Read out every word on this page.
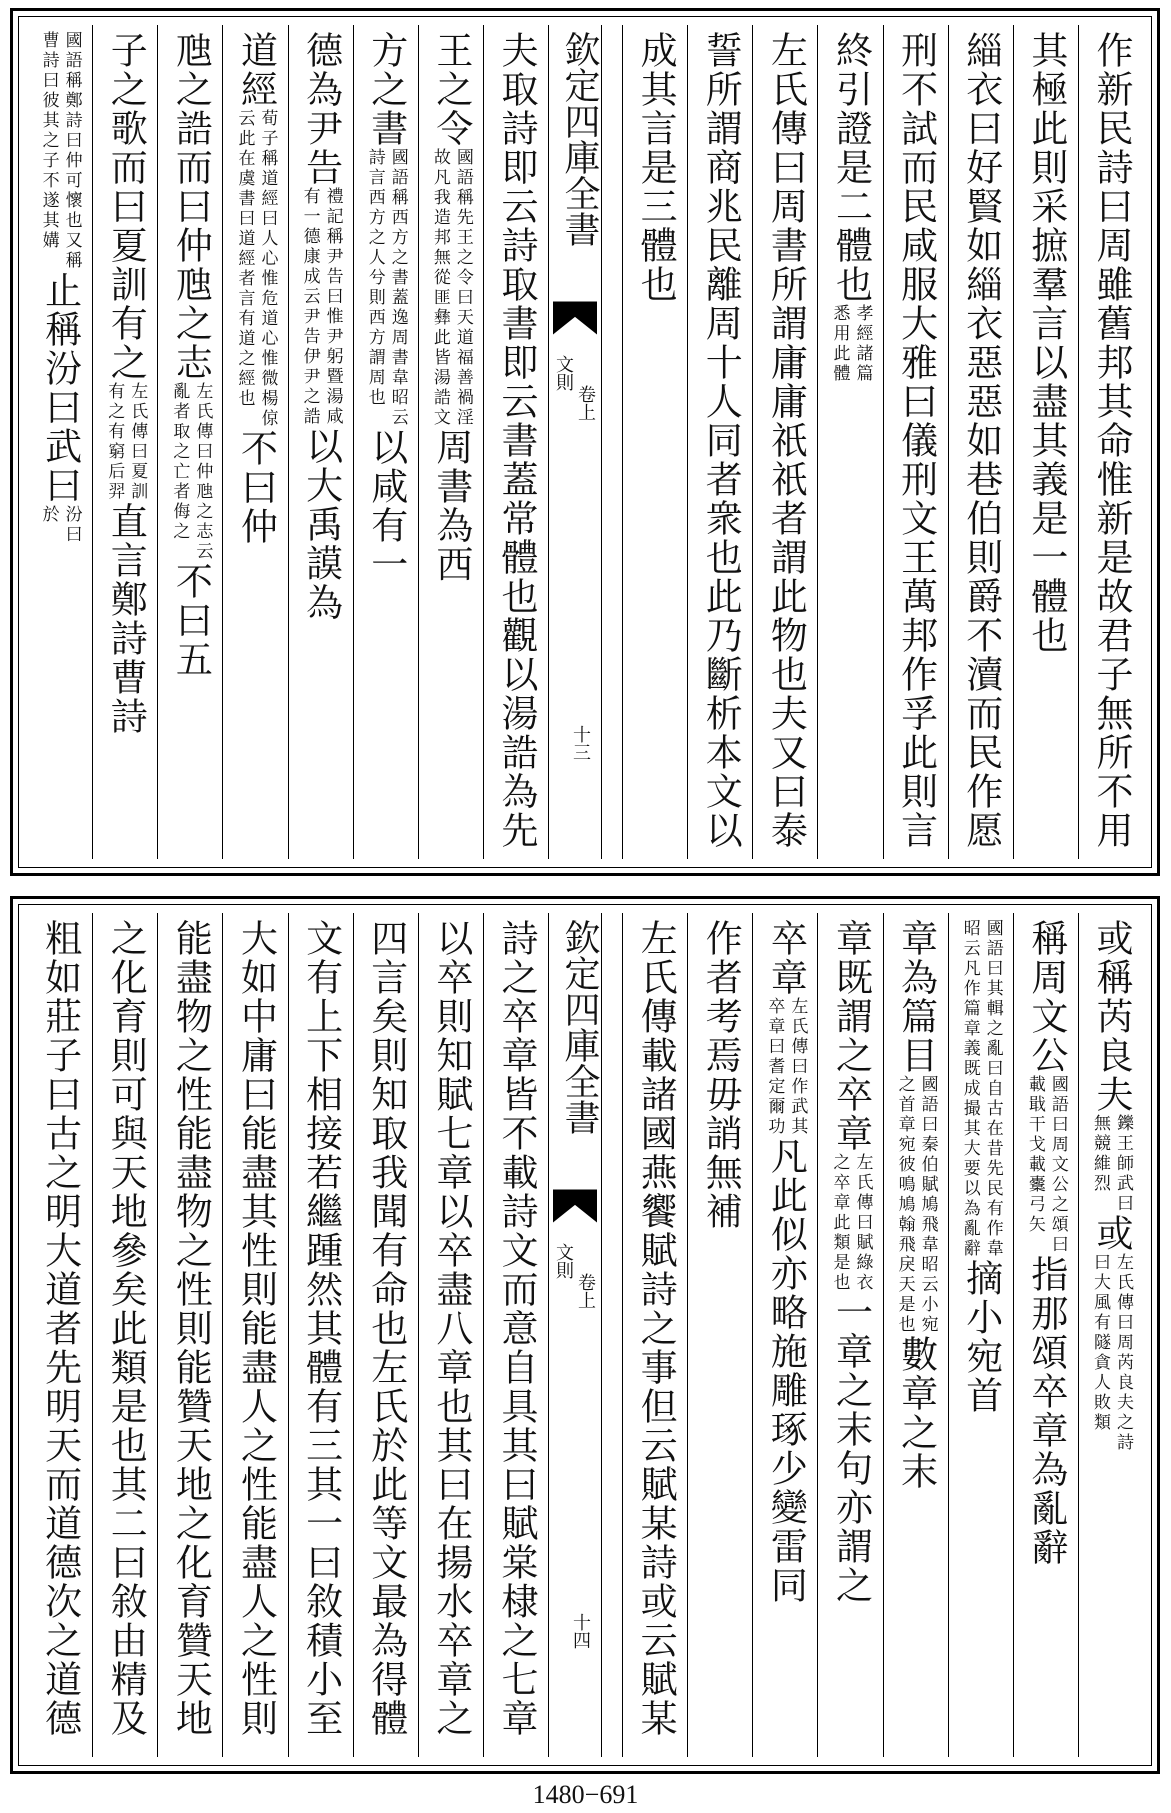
作新民詩曰周雖舊邦其命惟新是故君子無所不用
其極此則采摭羣言以盡其義是一體也
緇衣曰好賢如緇衣惡惡如巷伯則爵不瀆而民作愿
刑不試而民咸服大雅曰儀刑文王萬邦作孚此則言
終引證是二體也
孝經諸篇悉用此體
左氏傳曰周書所謂庸庸祇祇者謂此物也夫又曰泰
誓所謂商兆民離周十人同者衆也此乃斷析本文以
成其言是三體也
欽定四庫全書
文則
卷上
十三
夫取詩即云詩取書即云書蓋常體也觀以湯誥為先
王之令
國語稱先王之令曰天道福善禍淫故凡我造邦無從匪彝此皆湯誥文
周書為西
方之書
國語稱西方之書蓋逸周書韋昭云詩言西方之人兮則西方謂周也
以咸有一
德為尹告
禮記稱尹告曰惟尹躬暨湯咸有一德康成云尹告伊尹之誥
以大禹謨為
道經
荀子稱道經曰人心惟危道心惟微楊倞云此在虞書曰道經者言有道之經也
不曰仲
虺之誥而曰仲虺之志
左氏傳曰仲虺之志云亂者取之亡者侮之
不曰五
子之歌而曰夏訓有之
左氏傳曰夏訓有之有窮后羿
直言鄭詩曹詩
國語稱鄭詩曰仲可懷也又稱曹詩曰彼其之子不遂其媾
止稱汾曰武曰
汾曰於
或稱芮良夫
鑠王師武曰無競維烈
或
左氏傳曰周芮良夫之詩曰大風有隧貪人敗類
稱周文公
國語曰周文公之頌曰載戢干戈載櫜弓矢
指那頌卒章為亂辭
國語曰其輯之亂曰自古在昔先民有作韋昭云凡作篇章義既成撮其大要以為亂辭
摘小宛首
章為篇目
國語曰秦伯賦鳩飛韋昭云小宛之首章宛彼鳴鳩翰飛戾天是也
數章之末
章既謂之卒章
左氏傳曰賦綠衣之卒章此類是也
一章之末句亦謂之
卒章
左氏傳曰作武其卒章曰耆定爾功
凡此似亦略施雕琢少變雷同
作者考焉毋誚無補
左氏傳載諸國燕饗賦詩之事但云賦某詩或云賦某
欽定四庫全書
文則
卷上
十四
詩之卒章皆不載詩文而意自具其曰賦棠棣之七章
以卒則知賦七章以卒盡八章也其曰在揚水卒章之
四言矣則知取我聞有命也左氏於此等文最為得體
文有上下相接若繼踵然其體有三其一曰敘積小至
大如中庸曰能盡其性則能盡人之性能盡人之性則
能盡物之性能盡物之性則能贊天地之化育贊天地
之化育則可與天地參矣此類是也其二曰敘由精及
粗如莊子曰古之明大道者先明天而道德次之道德
1480−691
